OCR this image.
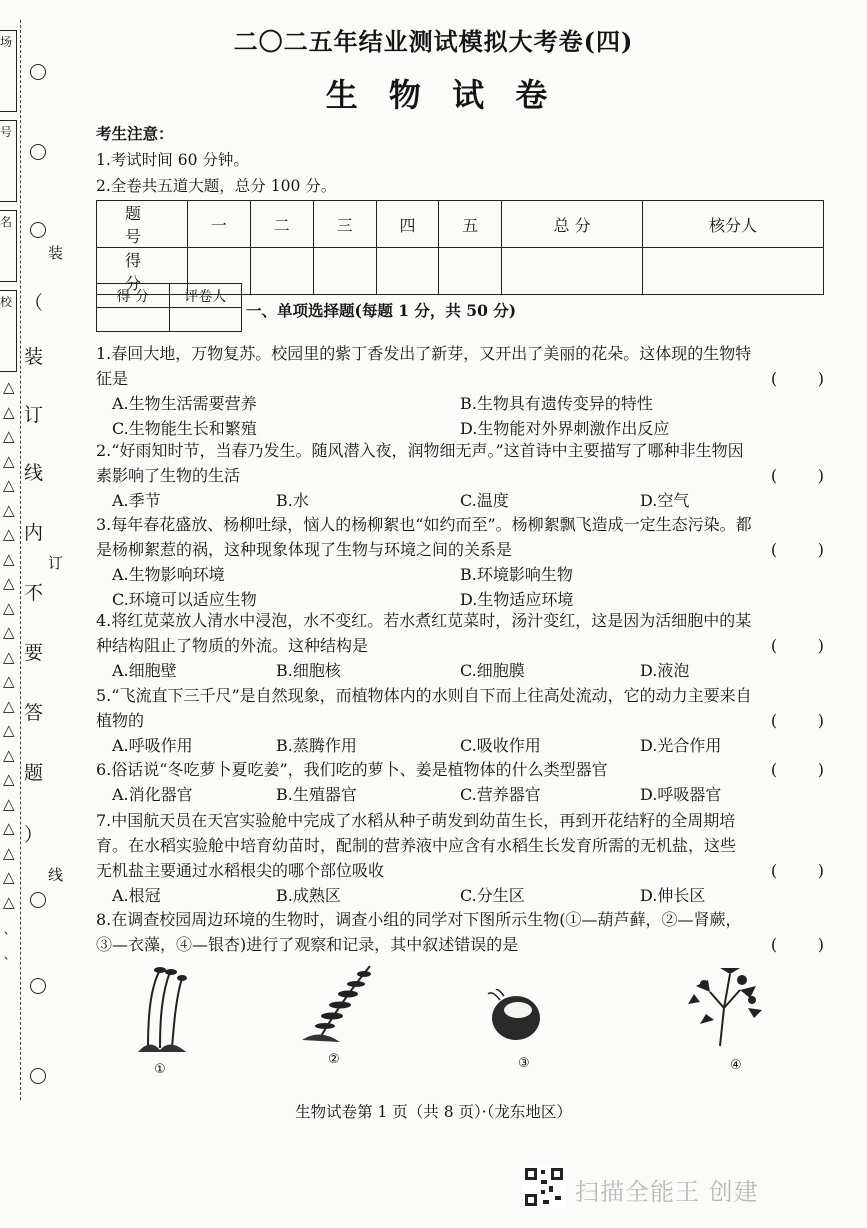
场
号
名
校 （
装
订
线
内
不
要
答
题
）
装
订
线
△
△
△
△
△
△
△
△
△
△
△
△
△
△
△
△
△
△
△
△
△
△
ˎ
ˎ
二〇二五年结业测试模拟大考卷(四)
生 物 试 卷
考生注意：
1.考试时间 60 分钟。
2.全卷共五道大题，总分 100 分。
题 号	一	二	三	四	五	总 分	核分人
得 分							
得 分	评卷人

一、单项选择题(每题 1 分，共 50 分)
1.春回大地，万物复苏。校园里的紫丁香发出了新芽，又开出了美丽的花朵。这体现的生物特
征是	(        )
A.生物生活需要营养	B.生物具有遗传变异的特性
C.生物能生长和繁殖	D.生物能对外界刺激作出反应
2.“好雨知时节，当春乃发生。随风潜入夜，润物细无声。”这首诗中主要描写了哪种非生物因
素影响了生物的生活	(        )
A.季节	B.水	C.温度	D.空气
3.每年春花盛放、杨柳吐绿，恼人的杨柳絮也“如约而至”。杨柳絮飘飞造成一定生态污染。都
是杨柳絮惹的祸，这种现象体现了生物与环境之间的关系是	(        )
A.生物影响环境	B.环境影响生物
C.环境可以适应生物	D.生物适应环境
4.将红苋菜放人清水中浸泡，水不变红。若水煮红苋菜时，汤汁变红，这是因为活细胞中的某
种结构阻止了物质的外流。这种结构是	(        )
A.细胞壁	B.细胞核	C.细胞膜	D.液泡
5.“飞流直下三千尺”是自然现象，而植物体内的水则自下而上往高处流动，它的动力主要来自
植物的	(        )
A.呼吸作用	B.蒸腾作用	C.吸收作用	D.光合作用
6.俗话说“冬吃萝卜夏吃姜”，我们吃的萝卜、姜是植物体的什么类型器官	(        )
A.消化器官	B.生殖器官	C.营养器官	D.呼吸器官
7.中国航天员在天宫实验舱中完成了水稻从种子萌发到幼苗生长，再到开花结籽的全周期培
育。在水稻实验舱中培育幼苗时，配制的营养液中应含有水稻生长发育所需的无机盐，这些
无机盐主要通过水稻根尖的哪个部位吸收	(        )
A.根冠	B.成熟区	C.分生区	D.伸长区
8.在调查校园周边环境的生物时，调查小组的同学对下图所示生物(①—葫芦藓，②—肾蕨，
③—衣藻，④—银杏)进行了观察和记录，其中叙述错误的是	(        )
①
②	③	④
生物试卷第 1 页（共 8 页）·（龙东地区）
扫描全能王 创建
